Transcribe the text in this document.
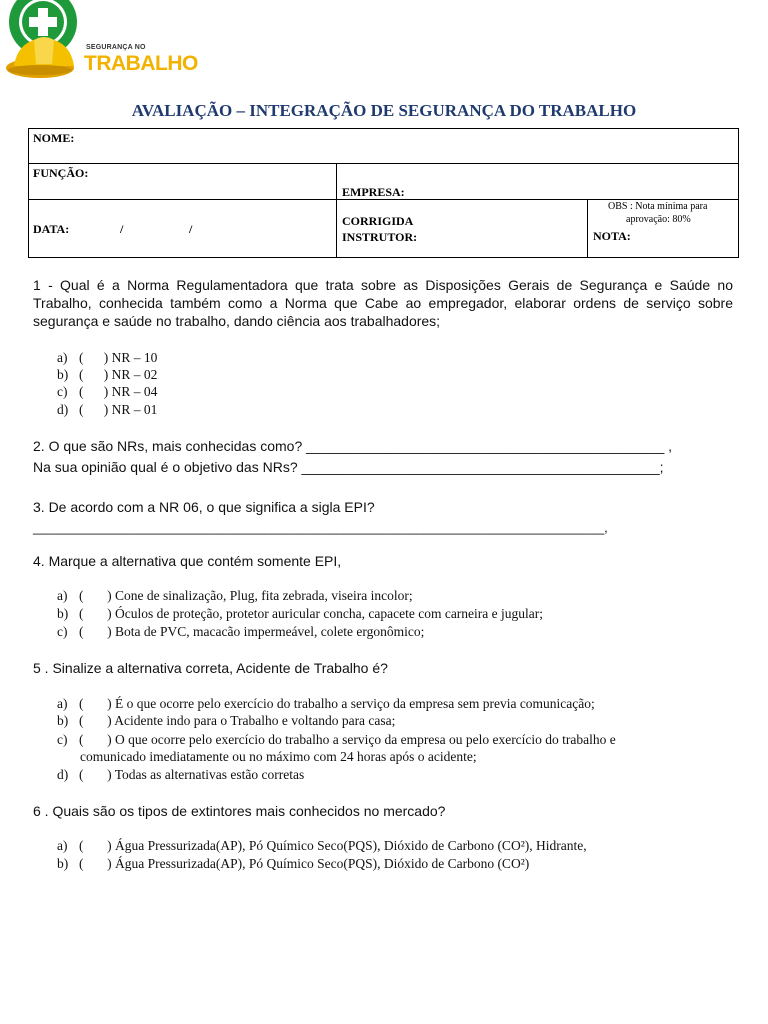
SEGURANÇA NO
TRABALHO
AVALIAÇÃO – INTEGRAÇÃO DE SEGURANÇA DO TRABALHO
NOME:
FUNÇÃO:
EMPRESA:
DATA:	/	/
CORRIGIDA
INSTRUTOR:
OBS : Nota mínima para
aprovação: 80%
NOTA:
1 - Qual é a Norma Regulamentadora que trata sobre as Disposições Gerais de Segurança e Saúde no Trabalho, conhecida também como a Norma que Cabe ao empregador, elaborar ordens de serviço sobre segurança e saúde no trabalho, dando ciência aos trabalhadores;
a) (      ) NR – 10
b) (      ) NR – 02
c) (      ) NR – 04
d) (      ) NR – 01
2. O que são NRs, mais conhecidas como? ______________________________________________ ,
Na sua opinião qual é o objetivo das NRs? ______________________________________________;
3. De acordo com a NR 06, o que significa a sigla EPI?
_______________________________________________________________________________,
4. Marque a alternativa que contém somente EPI,
a) (       ) Cone de sinalização, Plug, fita zebrada, viseira incolor;
b) (       ) Óculos de proteção, protetor auricular concha, capacete com carneira e jugular;
c) (       ) Bota de PVC, macacão impermeável, colete ergonômico;
5 . Sinalize a alternativa correta, Acidente de Trabalho é?
a) (       ) É o que ocorre pelo exercício do trabalho a serviço da empresa sem previa comunicação;
b) (       ) Acidente indo para o Trabalho e voltando para casa;
c) (       ) O que ocorre pelo exercício do trabalho a serviço da empresa ou pelo exercício do trabalho e
comunicado imediatamente ou no máximo com 24 horas após o acidente;
d) (       ) Todas as alternativas estão corretas
6 . Quais são os tipos de extintores mais conhecidos no mercado?
a) (       ) Água Pressurizada(AP), Pó Químico Seco(PQS), Dióxido de Carbono (CO²), Hidrante,
b) (       ) Água Pressurizada(AP), Pó Químico Seco(PQS), Dióxido de Carbono (CO²)
